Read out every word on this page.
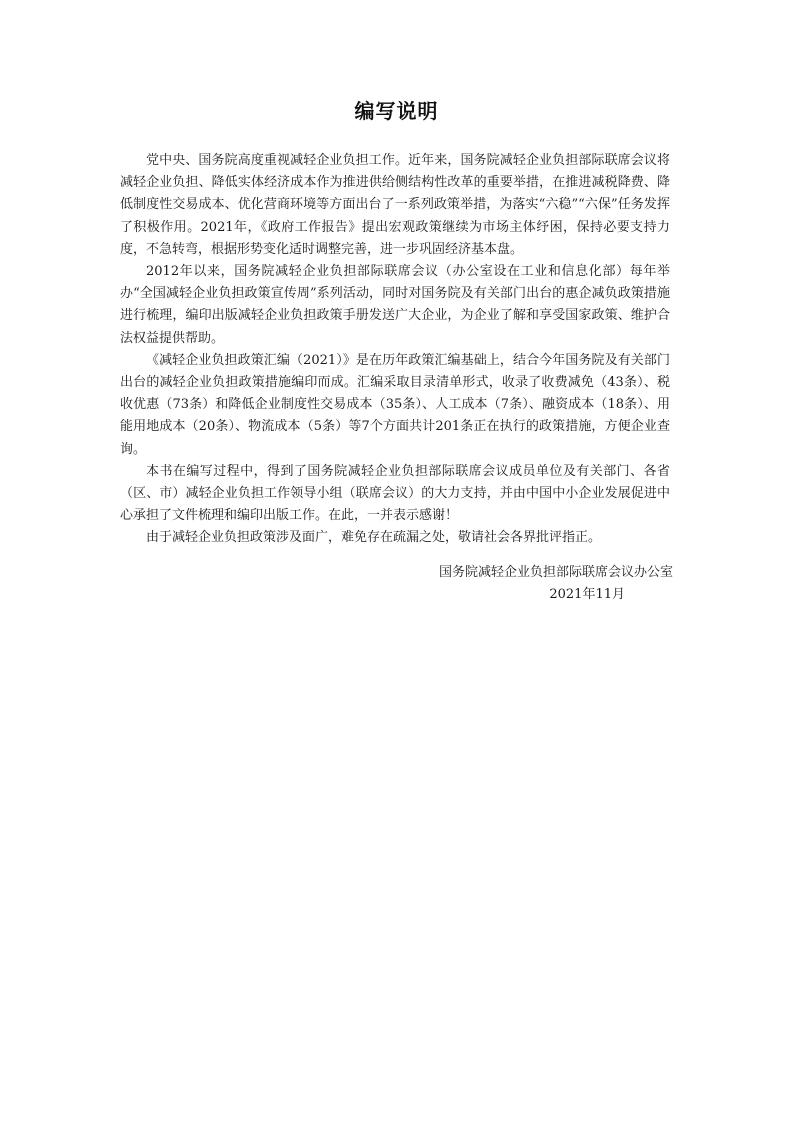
编写说明

党中央、国务院高度重视减轻企业负担工作。近年来，国务院减轻企业负担部际联席会议将减轻企业负担、降低实体经济成本作为推进供给侧结构性改革的重要举措，在推进减税降费、降低制度性交易成本、优化营商环境等方面出台了一系列政策举措，为落实“六稳”“六保”任务发挥了积极作用。2021年，《政府工作报告》提出宏观政策继续为市场主体纾困，保持必要支持力度，不急转弯，根据形势变化适时调整完善，进一步巩固经济基本盘。

2012年以来，国务院减轻企业负担部际联席会议（办公室设在工业和信息化部）每年举办“全国减轻企业负担政策宣传周”系列活动，同时对国务院及有关部门出台的惠企减负政策措施进行梳理，编印出版减轻企业负担政策手册发送广大企业，为企业了解和享受国家政策、维护合法权益提供帮助。

《减轻企业负担政策汇编（2021）》是在历年政策汇编基础上，结合今年国务院及有关部门出台的减轻企业负担政策措施编印而成。汇编采取目录清单形式，收录了收费减免（43条）、税收优惠（73条）和降低企业制度性交易成本（35条）、人工成本（7条）、融资成本（18条）、用能用地成本（20条）、物流成本（5条）等7个方面共计201条正在执行的政策措施，方便企业查询。

本书在编写过程中，得到了国务院减轻企业负担部际联席会议成员单位及有关部门、各省（区、市）减轻企业负担工作领导小组（联席会议）的大力支持，并由中国中小企业发展促进中心承担了文件梳理和编印出版工作。在此，一并表示感谢！

由于减轻企业负担政策涉及面广，难免存在疏漏之处，敬请社会各界批评指正。

国务院减轻企业负担部际联席会议办公室
2021年11月
